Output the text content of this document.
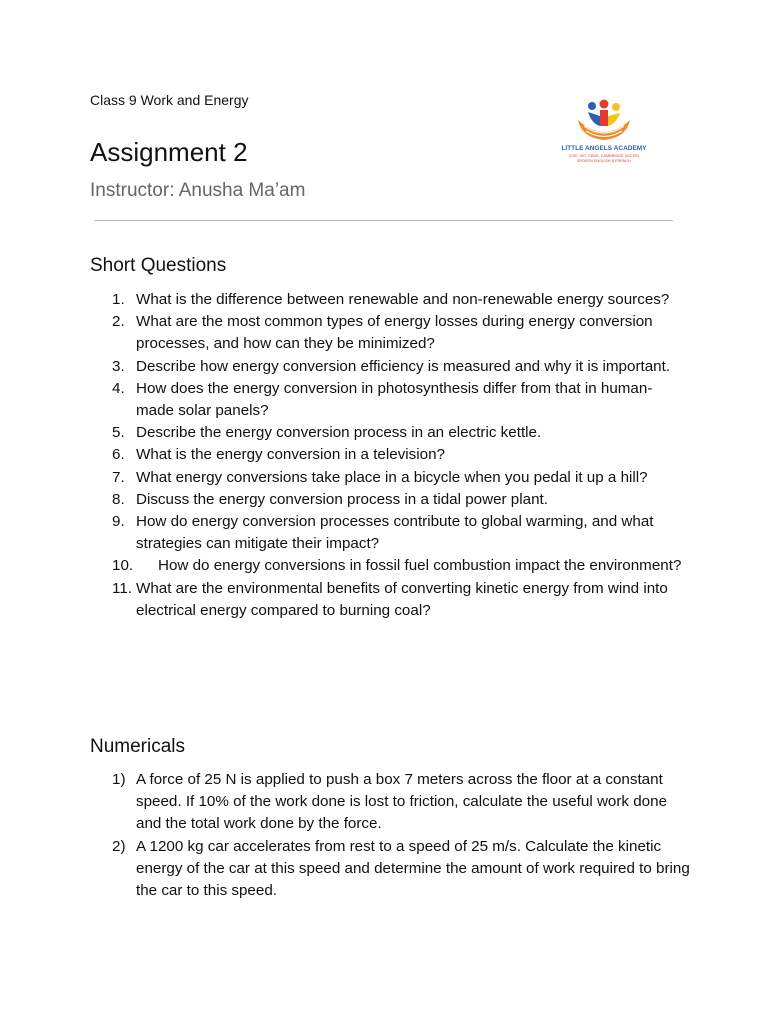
Class 9 Work and Energy
Assignment 2
Instructor: Anusha Ma’am
LITTLE ANGELS ACADEMY
ICSE, ISC, CBSE, CAMBRIDGE (IGCSE) SPOKEN ENGLISH & FRENCH
Short Questions
1. What is the difference between renewable and non-renewable energy sources?
2. What are the most common types of energy losses during energy conversion processes, and how can they be minimized?
3. Describe how energy conversion efficiency is measured and why it is important.
4. How does the energy conversion in photosynthesis differ from that in human-made solar panels?
5. Describe the energy conversion process in an electric kettle.
6. What is the energy conversion in a television?
7. What energy conversions take place in a bicycle when you pedal it up a hill?
8. Discuss the energy conversion process in a tidal power plant.
9. How do energy conversion processes contribute to global warming, and what strategies can mitigate their impact?
10.	How do energy conversions in fossil fuel combustion impact the environment?
11. What are the environmental benefits of converting kinetic energy from wind into electrical energy compared to burning coal?
Numericals
1) A force of 25 N is applied to push a box 7 meters across the floor at a constant speed. If 10% of the work done is lost to friction, calculate the useful work done and the total work done by the force.
2) A 1200 kg car accelerates from rest to a speed of 25 m/s. Calculate the kinetic energy of the car at this speed and determine the amount of work required to bring the car to this speed.
